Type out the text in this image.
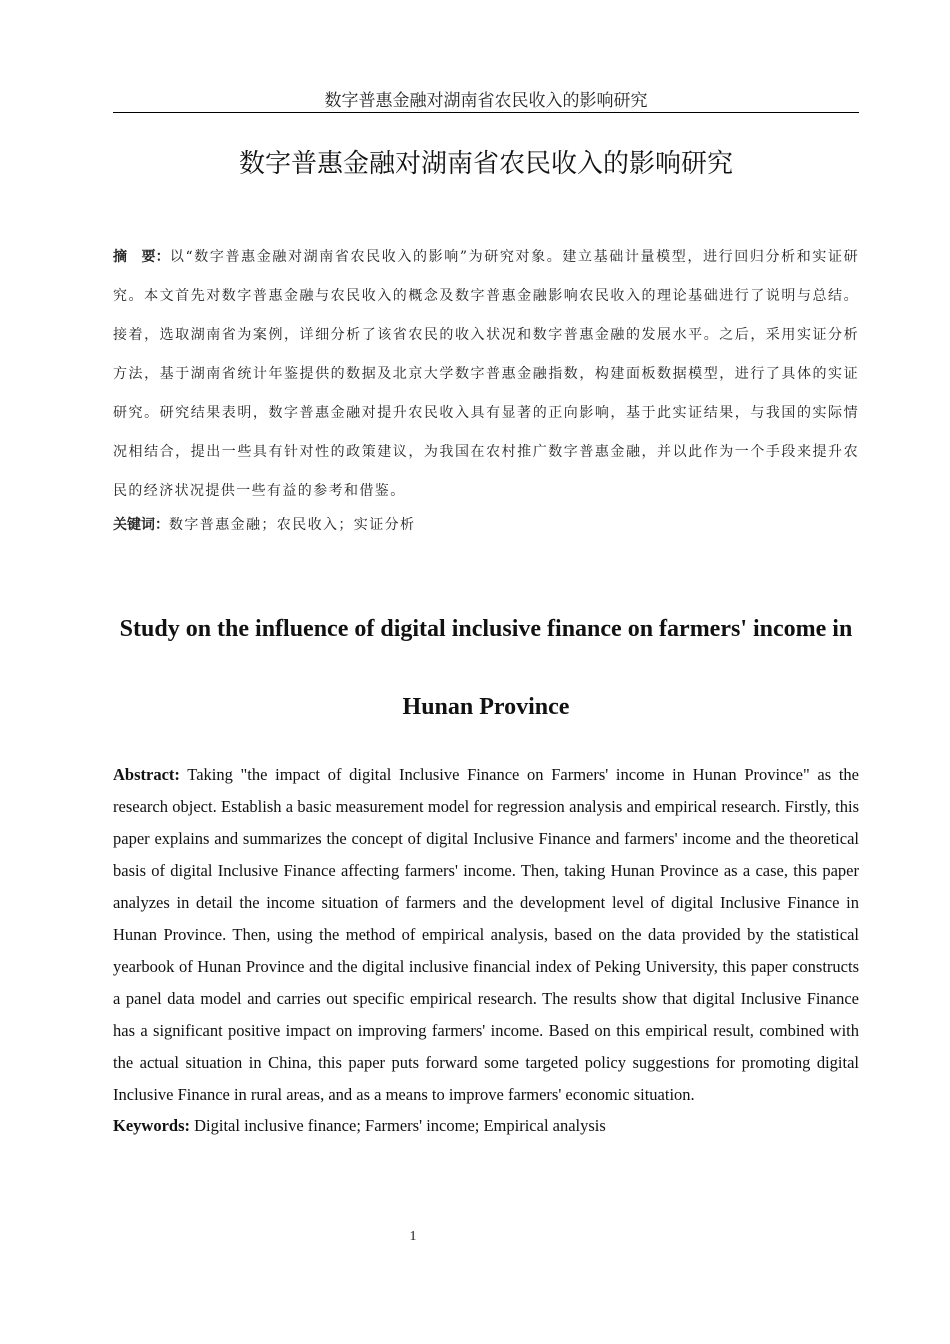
数字普惠金融对湖南省农民收入的影响研究
数字普惠金融对湖南省农民收入的影响研究

摘 要：以“数字普惠金融对湖南省农民收入的影响”为研究对象。建立基础计量模型，进行回归分析和实证研究。本文首先对数字普惠金融与农民收入的概念及数字普惠金融影响农民收入的理论基础进行了说明与总结。接着，选取湖南省为案例，详细分析了该省农民的收入状况和数字普惠金融的发展水平。之后，采用实证分析方法，基于湖南省统计年鉴提供的数据及北京大学数字普惠金融指数，构建面板数据模型，进行了具体的实证研究。研究结果表明，数字普惠金融对提升农民收入具有显著的正向影响，基于此实证结果，与我国的实际情况相结合，提出一些具有针对性的政策建议，为我国在农村推广数字普惠金融，并以此作为一个手段来提升农民的经济状况提供一些有益的参考和借鉴。

关键词：数字普惠金融；农民收入；实证分析

Study on the influence of digital inclusive finance on farmers' income in Hunan Province

Abstract: Taking "the impact of digital Inclusive Finance on Farmers' income in Hunan Province" as the research object. Establish a basic measurement model for regression analysis and empirical research. Firstly, this paper explains and summarizes the concept of digital Inclusive Finance and farmers' income and the theoretical basis of digital Inclusive Finance affecting farmers' income. Then, taking Hunan Province as a case, this paper analyzes in detail the income situation of farmers and the development level of digital Inclusive Finance in Hunan Province. Then, using the method of empirical analysis, based on the data provided by the statistical yearbook of Hunan Province and the digital inclusive financial index of Peking University, this paper constructs a panel data model and carries out specific empirical research. The results show that digital Inclusive Finance has a significant positive impact on improving farmers' income. Based on this empirical result, combined with the actual situation in China, this paper puts forward some targeted policy suggestions for promoting digital Inclusive Finance in rural areas, and as a means to improve farmers' economic situation.

Keywords: Digital inclusive finance; Farmers' income; Empirical analysis

1
